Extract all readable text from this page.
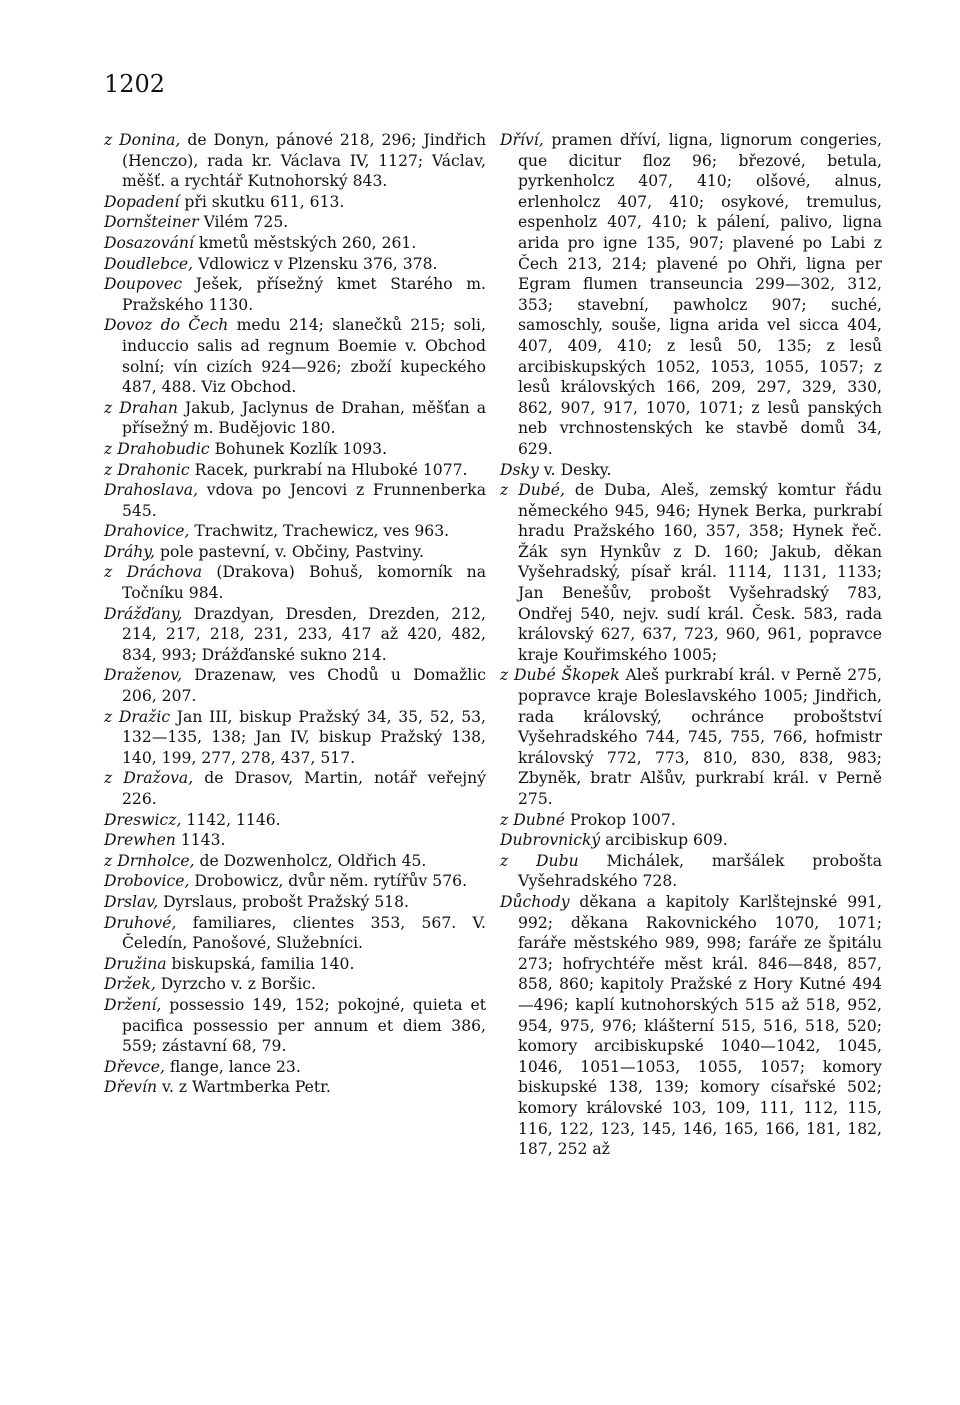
1202
z Donina, de Donyn, pánové 218, 296; Jindřich (Henczo), rada kr. Václava IV, 1127; Václav, měšť. a rychtář Kutnohorský 843.
Dopadení při skutku 611, 613.
Dornšteiner Vilém 725.
Dosazování kmetů městských 260, 261.
Doudlebce, Vdlowicz v Plzensku 376, 378.
Doupovec Ješek, přísežný kmet Starého m. Pražského 1130.
Dovoz do Čech medu 214; slanečků 215; soli, inducсio salis ad regnum Boemie v. Obchod solní; vín cizích 924—926; zboží kupeckého 487, 488. Viz Obchod.
z Drahan Jakub, Jaclynus de Drahan, měšťan a přísežný m. Budějovic 180.
z Drahobudic Bohunek Kozlík 1093.
z Drahonic Racek, purkrabí na Hluboké 1077.
Drahoslava, vdova po Jencovi z Frunnenberka 545.
Drahovice, Trachwitz, Trachewicz, ves 963.
Dráhy, pole pastevní, v. Občiny, Pastviny.
z Dráchova (Drakova) Bohuš, komorník na Točníku 984.
Drážďany, Drazdyan, Dresden, Drezden, 212, 214, 217, 218, 231, 233, 417 až 420, 482, 834, 993; Drážďanské sukno 214.
Draženov, Drazenaw, ves Chodů u Domažlic 206, 207.
z Dražic Jan III, biskup Pražský 34, 35, 52, 53, 132—135, 138; Jan IV, biskup Pražský 138, 140, 199, 277, 278, 437, 517.
z Dražova, de Drasov, Martin, notář veřejný 226.
Dreswicz, 1142, 1146.
Drewhen 1143.
z Drnholce, de Dozwenholcz, Oldřich 45.
Drobovice, Drobowicz, dvůr něm. rytířův 576.
Drslav, Dyrslaus, probošt Pražský 518.
Druhové, familiares, clientes 353, 567. V. Čeledín, Panošové, Služebníci.
Družina biskupská, familia 140.
Držek, Dyrzcho v. z Boršic.
Držení, possessio 149, 152; pokojné, quieta et pacifica possessio per annum et diem 386, 559; zástavní 68, 79.
Dřevce, flange, lance 23.
Dřevín v. z Wartmberka Petr.
Dříví, pramen dříví, ligna, lignorum congeries, que dicitur floz 96; březové, betula, pyrkenholcz 407, 410; olšové, alnus, erlenholcz 407, 410; osykové, tremulus, espenholz 407, 410; k pálení, palivo, ligna arida pro igne 135, 907; plavené po Labi z Čech 213, 214; plavené po Ohři, ligna per Egram flumen transeuncia 299—302, 312, 353; stavební, pawholcz 907; suché, samoschly, souše, ligna arida vel sicca 404, 407, 409, 410; z lesů 50, 135; z lesů arcibiskupských 1052, 1053, 1055, 1057; z lesů královských 166, 209, 297, 329, 330, 862, 907, 917, 1070, 1071; z lesů panských neb vrchnostenských ke stavbě domů 34, 629.
Dsky v. Desky.
z Dubé, de Duba, Aleš, zemský komtur řádu německého 945, 946; Hynek Berka, purkrabí hradu Pražského 160, 357, 358; Hynek řeč. Žák syn Hynkův z D. 160; Jakub, děkan Vyšehradský, písař král. 1114, 1131, 1133; Jan Benešův, probošt Vyšehradský 783, Ondřej 540, nejv. sudí král. Česk. 583, rada královský 627, 637, 723, 960, 961, popravce kraje Kouřimského 1005;
z Dubé Škopek Aleš purkrabí král. v Perně 275, popravce kraje Boleslavského 1005; Jindřich, rada královský, ochránce proboštství Vyšehradského 744, 745, 755, 766, hofmistr královský 772, 773, 810, 830, 838, 983; Zbyněk, bratr Alšův, purkrabí král. v Perně 275.
z Dubné Prokop 1007.
Dubrovnický arcibiskup 609.
z Dubu Michálek, maršálek probošta Vyšehradského 728.
Důchody děkana a kapitoly Karlštejnské 991, 992; děkana Rakovnického 1070, 1071; faráře městského 989, 998; faráře ze špitálu 273; hofrychtéře měst král. 846—848, 857, 858, 860; kapitoly Pražské z Hory Kutné 494—496; kaplí kutnohorských 515 až 518, 952, 954, 975, 976; klášterní 515, 516, 518, 520; komory arcibiskupské 1040—1042, 1045, 1046, 1051—1053, 1055, 1057; komory biskupské 138, 139; komory císařské 502; komory královské 103, 109, 111, 112, 115, 116, 122, 123, 145, 146, 165, 166, 181, 182, 187, 252 až
